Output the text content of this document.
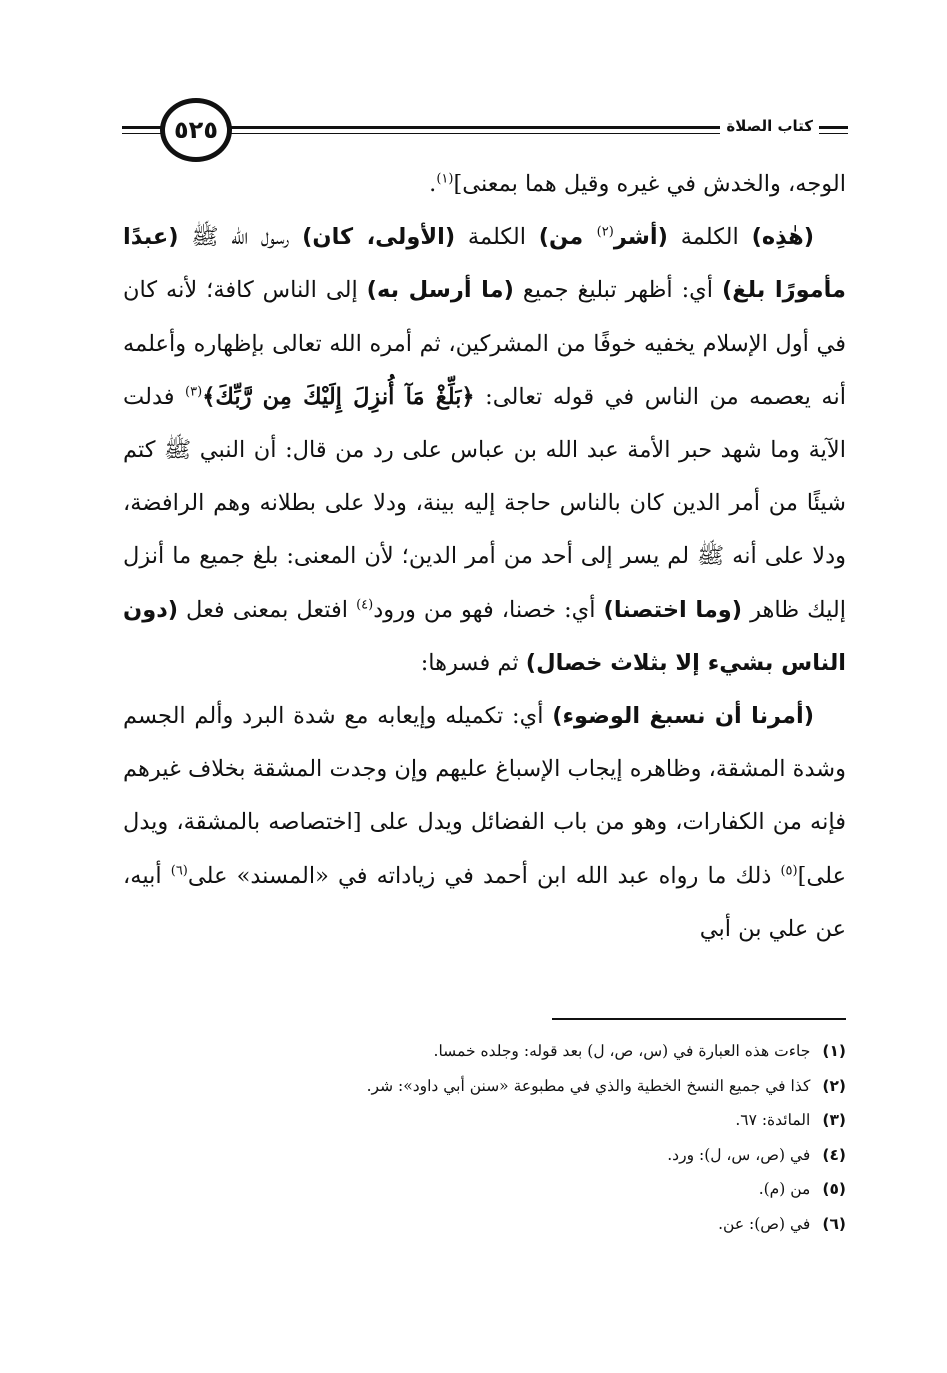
كتاب الصلاة
٥٢٥

الوجه، والخدش في غيره وقيل هما بمعنى]$^{(١)}$.

(هٰذِه) الكلمة (أشر$^{(٢)}$ من) الكلمة (الأولى، كان) رسول الله ﷺ (عبدًا مأمورًا بلغ) أي: أظهر تبليغ جميع (ما أرسل به) إلى الناس كافة؛ لأنه كان في أول الإسلام يخفيه خوفًا من المشركين، ثم أمره الله تعالى بإظهاره وأعلمه أنه يعصمه من الناس في قوله تعالى: ﴿بَلِّغْ مَآ أُنزِلَ إِلَيْكَ مِن رَّبِّكَ﴾$^{(٣)}$ فدلت الآية وما شهد حبر الأمة عبد الله بن عباس على رد من قال: أن النبي ﷺ كتم شيئًا من أمر الدين كان بالناس حاجة إليه بينة، ودلا على بطلانه وهم الرافضة، ودلا على أنه ﷺ لم يسر إلى أحد من أمر الدين؛ لأن المعنى: بلغ جميع ما أنزل إليك ظاهر (وما اختصنا) أي: خصنا، فهو من ورود$^{(٤)}$ افتعل بمعنى فعل (دون الناس بشيء إلا بثلاث خصال) ثم فسرها:

(أمرنا أن نسبغ الوضوء) أي: تكميله وإيعابه مع شدة البرد وألم الجسم وشدة المشقة، وظاهره إيجاب الإسباغ عليهم وإن وجدت المشقة بخلاف غيرهم فإنه من الكفارات، وهو من باب الفضائل ويدل على [اختصاصه بالمشقة، ويدل على]$^{(٥)}$ ذلك ما رواه عبد الله ابن أحمد في زياداته في «المسند» على$^{(٦)}$ أبيه، عن علي بن أبي

(١)جاءت هذه العبارة في (س، ص، ل) بعد قوله: وجلده خمسا.
(٢)كذا في جميع النسخ الخطية والذي في مطبوعة «سنن أبي داود»: شر.
(٣)المائدة: ٦٧.
(٤)في (ص، س، ل): ورد.
(٥)من (م).
(٦)في (ص): عن.
